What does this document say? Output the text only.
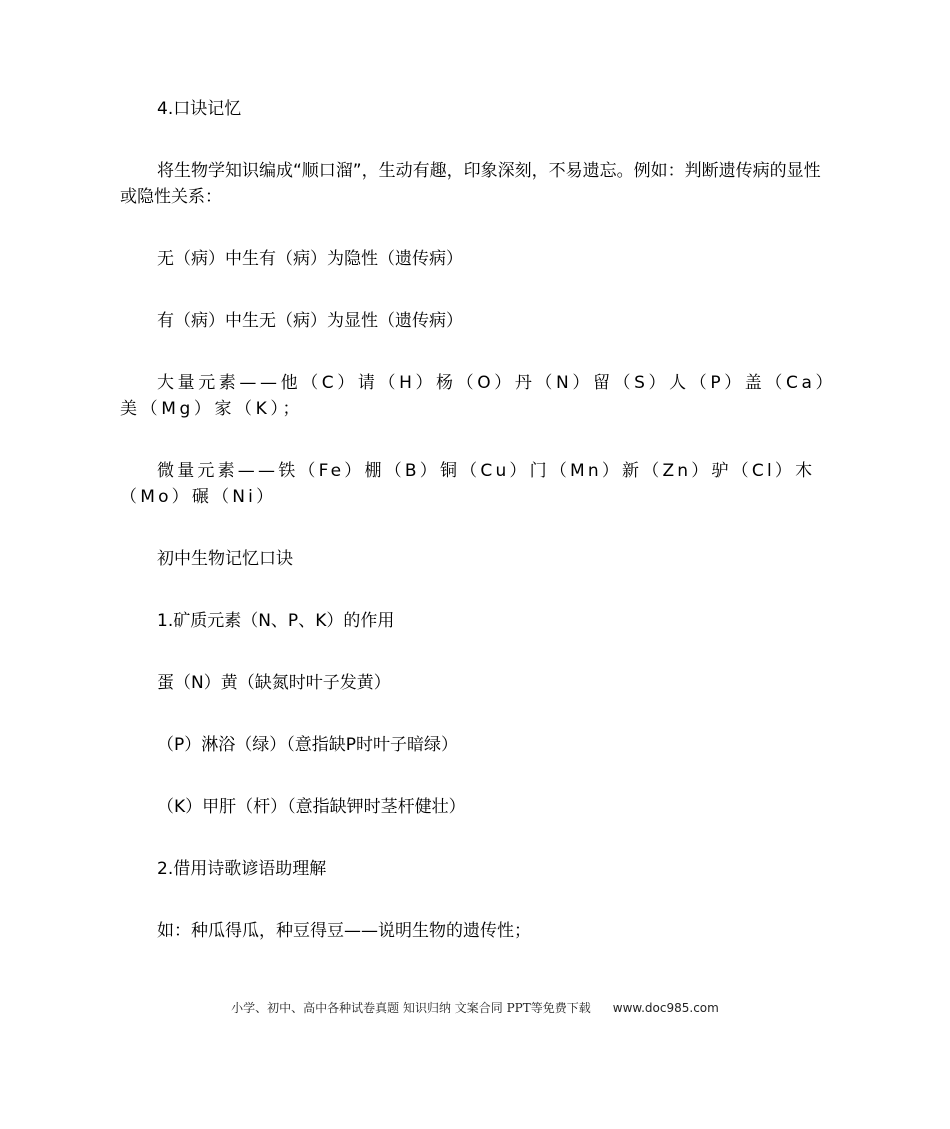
4.口诀记忆

将生物学知识编成“顺口溜”，生动有趣，印象深刻，不易遗忘。例如：判断遗传病的显性或隐性关系：

无（病）中生有（病）为隐性（遗传病）

有（病）中生无（病）为显性（遗传病）

大量元素——他（C）请（H）杨（O）丹（N）留（S）人（P）盖（Ca）美（Mg）家（K）；

微量元素——铁（Fe）棚（B）铜（Cu）门（Mn）新（Zn）驴（Cl）木（Mo）碾（Ni）

初中生物记忆口诀

1.矿质元素（N、P、K）的作用

蛋（N）黄（缺氮时叶子发黄）

（P）淋浴（绿）（意指缺P时叶子暗绿）

（K）甲肝（杆）（意指缺钾时茎杆健壮）

2.借用诗歌谚语助理解

如：种瓜得瓜，种豆得豆——说明生物的遗传性；

小学、初中、高中各种试卷真题 知识归纳 文案合同 PPT等免费下载 www.doc985.com
